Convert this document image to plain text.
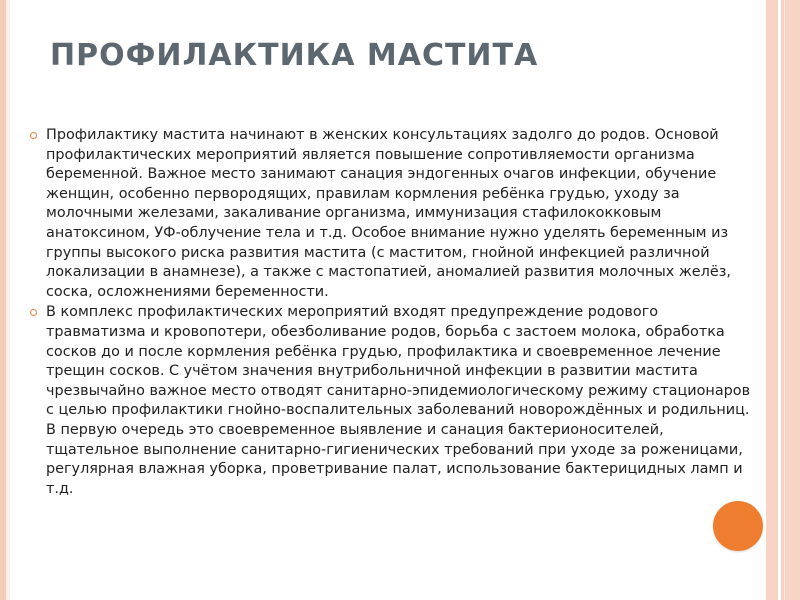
ПРОФИЛАКТИКА МАСТИТА
Профилактику мастита начинают в женских консультациях задолго до родов. Основой профилактических мероприятий является повышение сопротивляемости организма беременной. Важное место занимают санация эндогенных очагов инфекции, обучение женщин, особенно первородящих, правилам кормления ребёнка грудью, уходу за молочными железами, закаливание организма, иммунизация стафилококковым анатоксином, УФ-облучение тела и т.д. Особое внимание нужно уделять беременным из группы высокого риска развития мастита (с маститом, гнойной инфекцией различной локализации в анамнезе), а также с мастопатией, аномалией развития молочных желёз, соска, осложнениями беременности.
В комплекс профилактических мероприятий входят предупреждение родового травматизма и кровопотери, обезболивание родов, борьба с застоем молока, обработка сосков до и после кормления ребёнка грудью, профилактика и своевременное лечение трещин сосков. С учётом значения внутрибольничной инфекции в развитии мастита чрезвычайно важное место отводят санитарно-эпидемиологическому режиму стационаров с целью профилактики гнойно-воспалительных заболеваний новорождённых и родильниц. В первую очередь это своевременное выявление и санация бактерионосителей, тщательное выполнение санитарно-гигиенических требований при уходе за роженицами, регулярная влажная уборка, проветривание палат, использование бактерицидных ламп и т.д.
